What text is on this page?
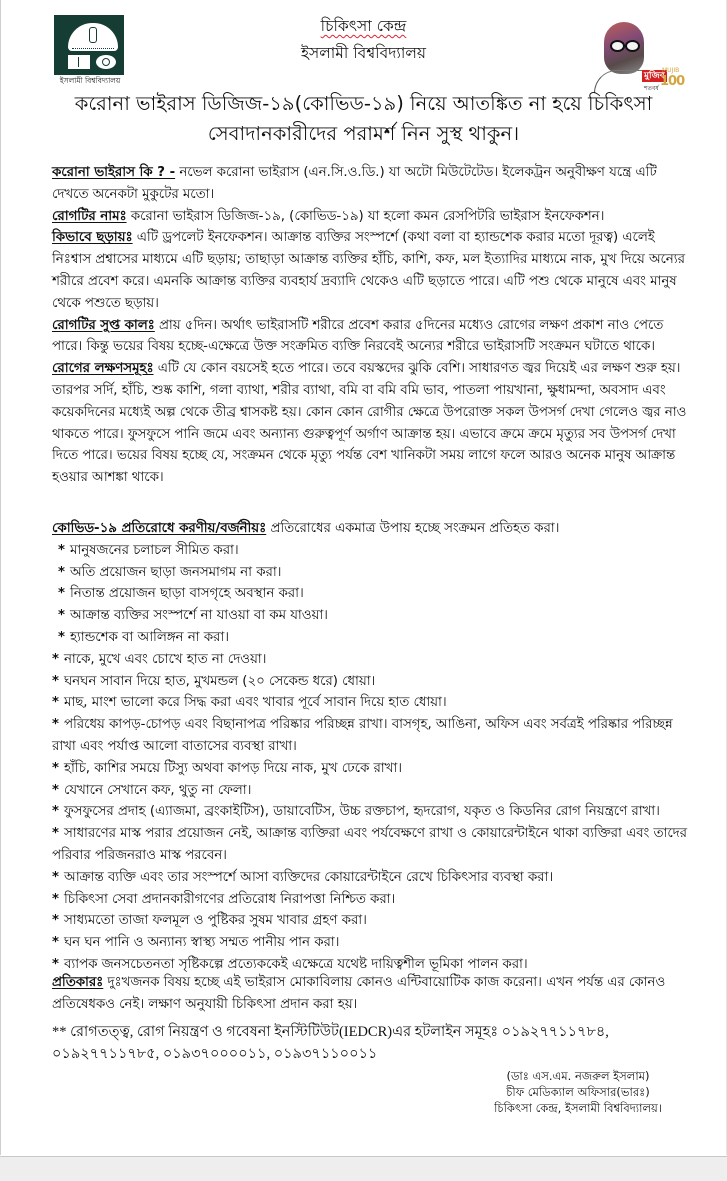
ইসলামী বিশ্ববিদ্যালয়	মুজিব
শতবর্ষ
MUJIB
100
চিকিৎসা কেন্দ্র
ইসলামী বিশ্ববিদ্যালয়
করোনা ভাইরাস ডিজিজ-১৯(কোভিড-১৯) নিয়ে আতঙ্কিত না হয়ে চিকিৎসা
সেবাদানকারীদের পরামর্শ নিন সুস্থ থাকুন।

করোনা ভাইরাস কি ? - নভেল করোনা ভাইরাস (এন.সি.ও.ডি.) যা অটো মিউটেটেড। ইলেকট্রন অনুবীক্ষণ যন্ত্রে এটি দেখতে অনেকটা মুকুটের মতো।

রোগটির নামঃ করোনা ভাইরাস ডিজিজ-১৯, (কোভিড-১৯) যা হলো কমন রেসপিটরি ভাইরাস ইনফেকশন।

কিভাবে ছড়ায়ঃ এটি ড্রপলেট ইনফেকশন। আক্রান্ত ব্যক্তির সংস্পর্শে (কথা বলা বা হ্যান্ডশেক করার মতো দূরত্ব) এলেই নিঃশ্বাস প্রশ্বাসের মাধ্যমে এটি ছড়ায়; তাছাড়া আক্রান্ত ব্যক্তির হাঁচি, কাশি, কফ, মল ইত্যাদির মাধ্যমে নাক, মুখ দিয়ে অন্যের শরীরে প্রবেশ করে। এমনকি আক্রান্ত ব্যক্তির ব্যবহার্য দ্রব্যাদি থেকেও এটি ছড়াতে পারে। এটি পশু থেকে মানুষে এবং মানুষ থেকে পশুতে ছড়ায়।

রোগটির সুপ্ত কালঃ প্রায় ৫দিন। অর্থাৎ ভাইরাসটি শরীরে প্রবেশ করার ৫দিনের মধ্যেও রোগের লক্ষণ প্রকাশ নাও পেতে পারে। কিন্তু ভয়ের বিষয় হচ্ছে-এক্ষেত্রে উক্ত সংক্রমিত ব্যক্তি নিরবেই অন্যের শরীরে ভাইরাসটি সংক্রমন ঘটাতে থাকে।

রোগের লক্ষণসমূহঃ এটি যে কোন বয়সেই হতে পারে। তবে বয়স্কদের ঝুকি বেশি। সাধারণত জ্বর দিয়েই এর লক্ষণ শুরু হয়। তারপর সর্দি, হাঁচি, শুষ্ক কাশি, গলা ব্যাথা, শরীর ব্যাথা, বমি বা বমি বমি ভাব, পাতলা পায়খানা, ক্ষুধামন্দা, অবসাদ এবং কয়েকদিনের মধ্যেই অল্প থেকে তীব্র শ্বাসকষ্ট হয়। কোন কোন রোগীর ক্ষেত্রে উপরোক্ত সকল উপসর্গ দেখা গেলেও জ্বর নাও থাকতে পারে। ফুসফুসে পানি জমে এবং অন্যান্য গুরুত্বপূর্ণ অর্গাণ আক্রান্ত হয়। এভাবে ক্রমে ক্রমে মৃত্যুর সব উপসর্গ দেখা দিতে পারে। ভয়ের বিষয় হচ্ছে যে, সংক্রমন থেকে মৃত্যু পর্যন্ত বেশ খানিকটা সময় লাগে ফলে আরও অনেক মানুষ আক্রান্ত হওয়ার আশঙ্কা থাকে।

কোভিড-১৯ প্রতিরোধে করণীয়/বর্জনীয়ঃ প্রতিরোধের একমাত্র উপায় হচ্ছে সংক্রমন প্রতিহত করা।

* মানুষজনের চলাচল সীমিত করা।
* অতি প্রয়োজন ছাড়া জনসমাগম না করা।
* নিতান্ত প্রয়োজন ছাড়া বাসগৃহে অবস্থান করা।
* আক্রান্ত ব্যক্তির সংস্পর্শে না যাওয়া বা কম যাওয়া।
* হ্যান্ডশেক বা আলিঙ্গন না করা।
* নাকে, মুখে এবং চোখে হাত না দেওয়া।
* ঘনঘন সাবান দিয়ে হাত, মুখমন্ডল (২০ সেকেন্ড ধরে) ধোয়া।
* মাছ, মাংশ ভালো করে সিদ্ধ করা এবং খাবার পূর্বে সাবান দিয়ে হাত ধোয়া।
* পরিধেয় কাপড়-চোপড় এবং বিছানাপত্র পরিষ্কার পরিচ্ছন্ন রাখা। বাসগৃহ, আঙিনা, অফিস এবং সর্বত্রই পরিষ্কার পরিচ্ছন্ন রাখা এবং পর্যাপ্ত আলো বাতাসের ব্যবস্থা রাখা।
* হাঁচি, কাশির সময়ে টিস্যু অথবা কাপড় দিয়ে নাক, মুখ ঢেকে রাখা।
* যেখানে সেখানে কফ, থুতু না ফেলা।
* ফুসফুসের প্রদাহ (এ্যাজমা, ব্রংকাইটিস), ডায়াবেটিস, উচ্চ রক্তচাপ, হৃদরোগ, যকৃত ও কিডনির রোগ নিয়ন্ত্রণে রাখা।
* সাধারণের মাস্ক পরার প্রয়োজন নেই, আক্রান্ত ব্যক্তিরা এবং পর্যবেক্ষণে রাখা ও কোয়ারেন্টাইনে থাকা ব্যক্তিরা এবং তাদের পরিবার পরিজনরাও মাস্ক পরবেন।
* আক্রান্ত ব্যক্তি এবং তার সংস্পর্শে আসা ব্যক্তিদের কোয়ারেন্টাইনে রেখে চিকিৎসার ব্যবস্থা করা।
* চিকিৎসা সেবা প্রদানকারীগণের প্রতিরোধ নিরাপত্তা নিশ্চিত করা।
* সাধ্যমতো তাজা ফলমূল ও পুষ্টিকর সুষম খাবার গ্রহণ করা।
* ঘন ঘন পানি ও অন্যান্য স্বাস্থ্য সম্মত পানীয় পান করা।
* ব্যাপক জনসচেতনতা সৃষ্টিকল্পে প্রত্যেককেই এক্ষেত্রে যথেষ্ট দায়িত্বশীল ভূমিকা পালন করা।

প্রতিকারঃ দুঃখজনক বিষয় হচ্ছে এই ভাইরাস মোকাবিলায় কোনও এন্টিবায়োটিক কাজ করেনা। এখন পর্যন্ত এর কোনও প্রতিষেধকও নেই। লক্ষাণ অনুযায়ী চিকিৎসা প্রদান করা হয়।

** রোগতত্ত্ব, রোগ নিয়ন্ত্রণ ও গবেষনা ইনস্টিটিউট(IEDCR)এর হটলাইন সমূহঃ ০১৯২৭৭১১৭৮৪, ০১৯২৭৭১১৭৮৫, ০১৯৩৭০০০০১১, ০১৯৩৭১১০০১১

(ডাঃ এস.এম. নজরুল ইসলাম)
চীফ মেডিক্যাল অফিসার(ভারঃ)
চিকিৎসা কেন্দ্র, ইসলামী বিশ্ববিদ্যালয়।
